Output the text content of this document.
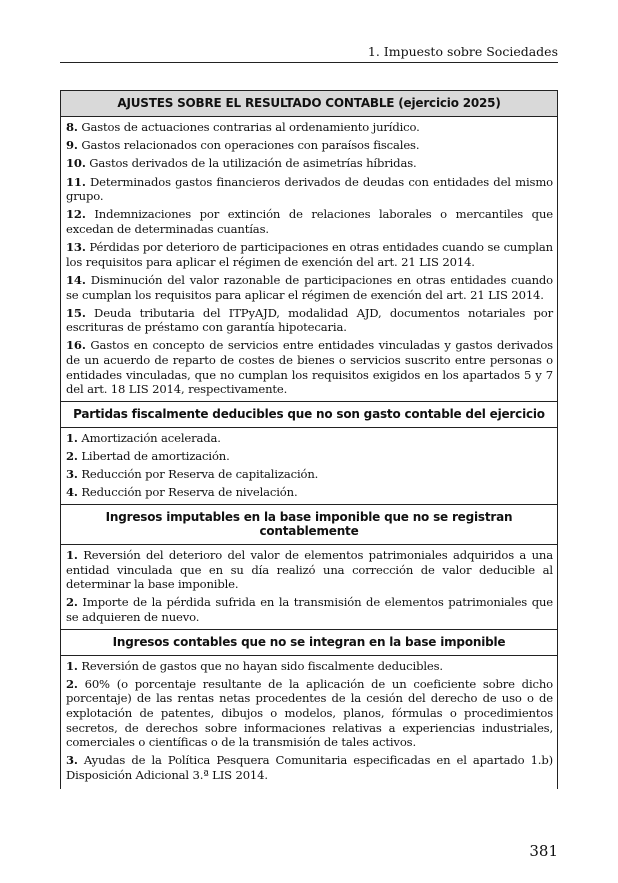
1. Impuesto sobre Sociedades
AJUSTES SOBRE EL RESULTADO CONTABLE (ejercicio 2025)
8. Gastos de actuaciones contrarias al ordenamiento jurídico.
9. Gastos relacionados con operaciones con paraísos fiscales.
10. Gastos derivados de la utilización de asimetrías híbridas.
11. Determinados gastos financieros derivados de deudas con entidades del mismo grupo.
12. Indemnizaciones por extinción de relaciones laborales o mercantiles que excedan de determinadas cuantías.
13. Pérdidas por deterioro de participaciones en otras entidades cuando se cumplan los requisitos para aplicar el régimen de exención del art. 21 LIS 2014.
14. Disminución del valor razonable de participaciones en otras entidades cuando se cumplan los requisitos para aplicar el régimen de exención del art. 21 LIS 2014.
15. Deuda tributaria del ITPyAJD, modalidad AJD, documentos notariales por escrituras de préstamo con garantía hipotecaria.
16. Gastos en concepto de servicios entre entidades vinculadas y gastos derivados de un acuerdo de reparto de costes de bienes o servicios suscrito entre personas o entidades vinculadas, que no cumplan los requisitos exigidos en los apartados 5 y 7 del art. 18 LIS 2014, respectivamente.
Partidas fiscalmente deducibles que no son gasto contable del ejercicio
1. Amortización acelerada.
2. Libertad de amortización.
3. Reducción por Reserva de capitalización.
4. Reducción por Reserva de nivelación.
Ingresos imputables en la base imponible que no se registran contablemente
1. Reversión del deterioro del valor de elementos patrimoniales adquiridos a una entidad vinculada que en su día realizó una corrección de valor deducible al determinar la base imponible.
2. Importe de la pérdida sufrida en la transmisión de elementos patrimoniales que se adquieren de nuevo.
Ingresos contables que no se integran en la base imponible
1. Reversión de gastos que no hayan sido fiscalmente deducibles.
2. 60% (o porcentaje resultante de la aplicación de un coeficiente sobre dicho porcentaje) de las rentas netas procedentes de la cesión del derecho de uso o de explotación de patentes, dibujos o modelos, planos, fórmulas o procedimientos secretos, de derechos sobre informaciones relativas a experiencias industriales, comerciales o científicas o de la transmisión de tales activos.
3. Ayudas de la Política Pesquera Comunitaria especificadas en el apartado 1.b) Disposición Adicional 3.ª LIS 2014.
381
